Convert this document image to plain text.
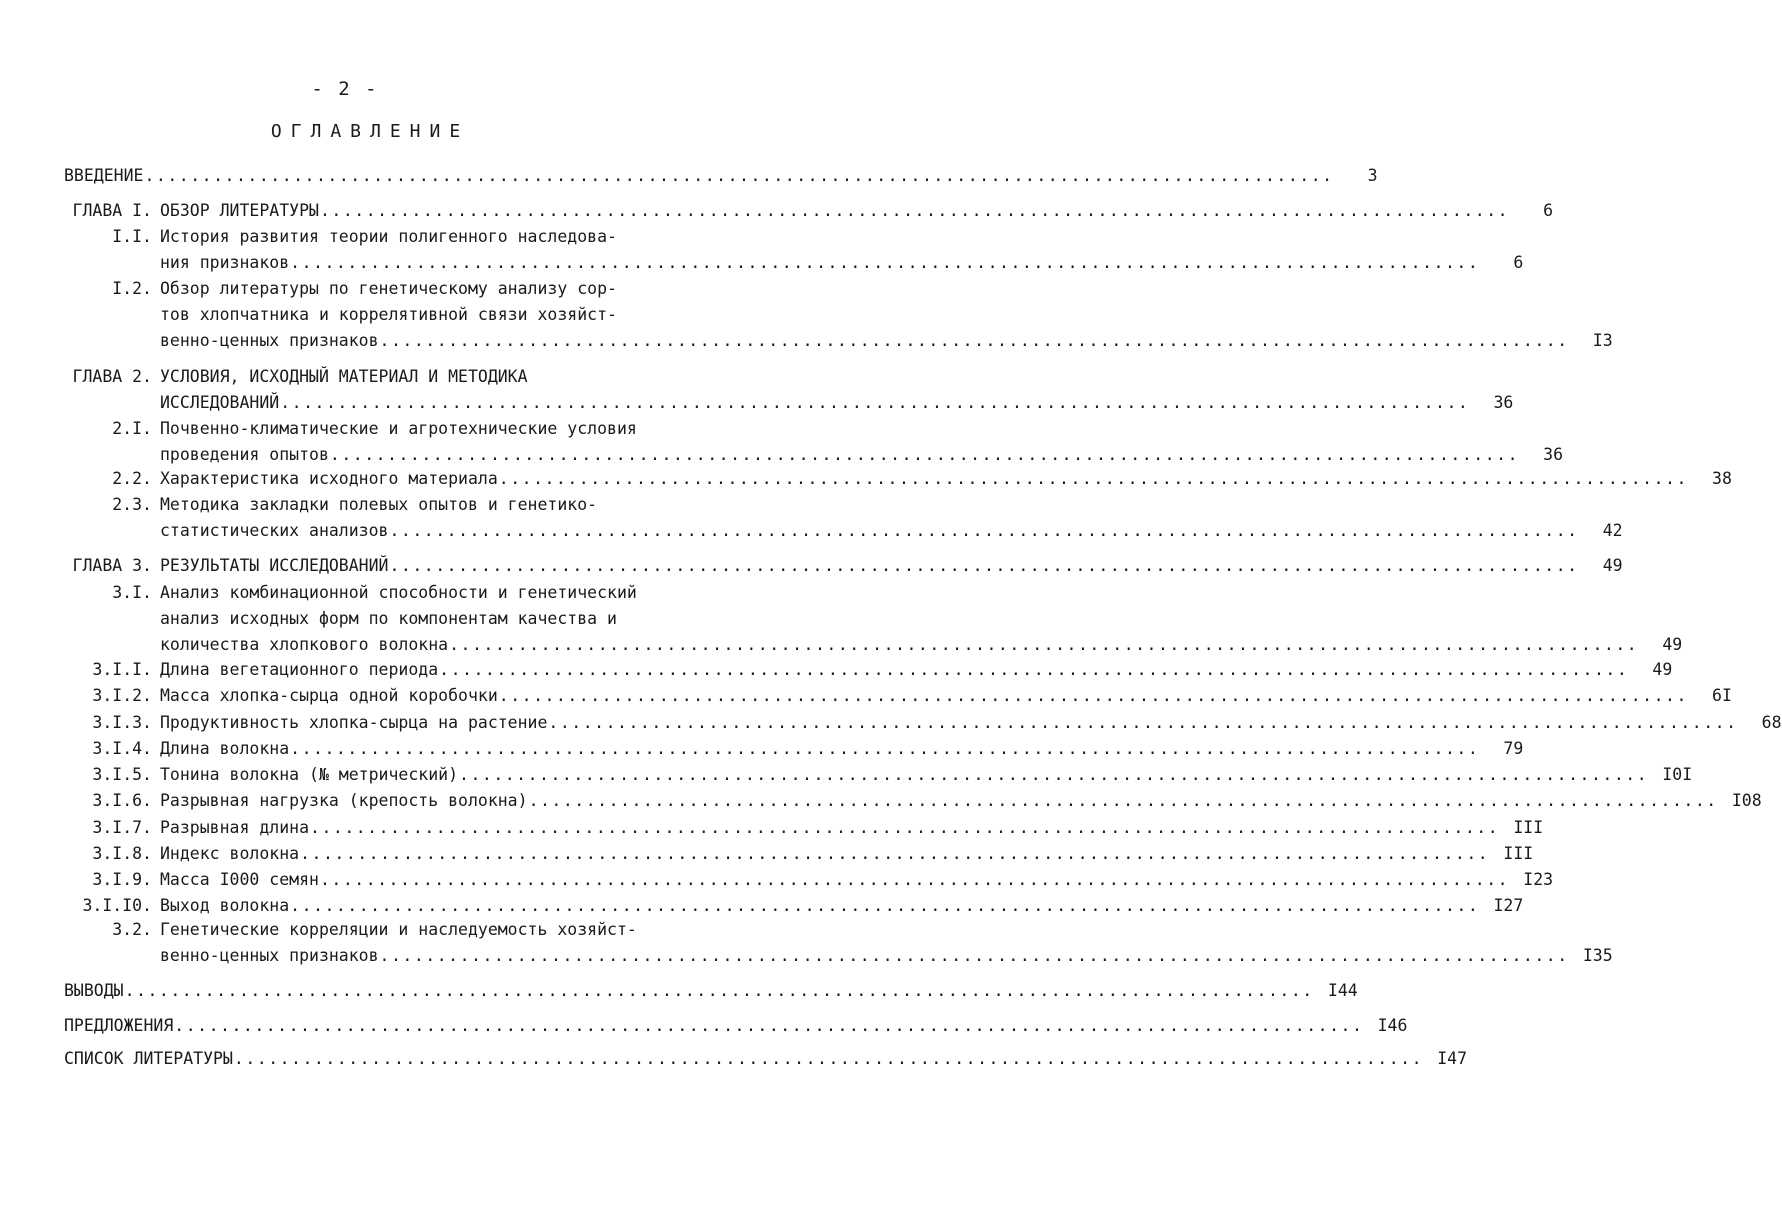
- 2 -
ОГЛАВЛЕНИЕ
ВВЕДЕНИЕ ........................................................................................................	3
ГЛАВА I. ОБЗОР ЛИТЕРАТУРЫ ........................................................................................................	6
I.I. История развития теории полигенного наследова-
ния признаков ........................................................................................................	6
I.2. Обзор литературы по генетическому анализу сор-
тов хлопчатника и коррелятивной связи хозяйст-
венно-ценных признаков ........................................................................................................	I3
ГЛАВА 2. УСЛОВИЯ, ИСХОДНЫЙ МАТЕРИАЛ И МЕТОДИКА
ИССЛЕДОВАНИЙ ........................................................................................................	36
2.I. Почвенно-климатические и агротехнические условия
проведения опытов ........................................................................................................	36
2.2. Характеристика исходного материала ........................................................................................................	38
2.3. Методика закладки полевых опытов и генетико-
статистических анализов ........................................................................................................	42
ГЛАВА 3. РЕЗУЛЬТАТЫ ИССЛЕДОВАНИЙ ........................................................................................................	49
3.I. Анализ комбинационной способности и генетический
анализ исходных форм по компонентам качества и
количества хлопкового волокна ........................................................................................................	49
3.I.I. Длина вегетационного периода ........................................................................................................	49
3.I.2. Масса хлопка-сырца одной коробочки ........................................................................................................	6I
3.I.3. Продуктивность хлопка-сырца на растение ........................................................................................................	68
3.I.4. Длина волокна ........................................................................................................	79
3.I.5. Тонина волокна (№ метрический) ........................................................................................................ I0I
3.I.6. Разрывная нагрузка (крепость волокна) ........................................................................................................ I08
3.I.7. Разрывная длина ........................................................................................................ III
3.I.8. Индекс волокна ........................................................................................................ III
3.I.9. Масса I000 семян ........................................................................................................ I23
3.I.I0. Выход волокна ........................................................................................................ I27
3.2. Генетические корреляции и наследуемость хозяйст-
венно-ценных признаков ........................................................................................................ I35
ВЫВОДЫ ........................................................................................................ I44
ПРЕДЛОЖЕНИЯ ........................................................................................................ I46
СПИСОК ЛИТЕРАТУРЫ ........................................................................................................ I47
